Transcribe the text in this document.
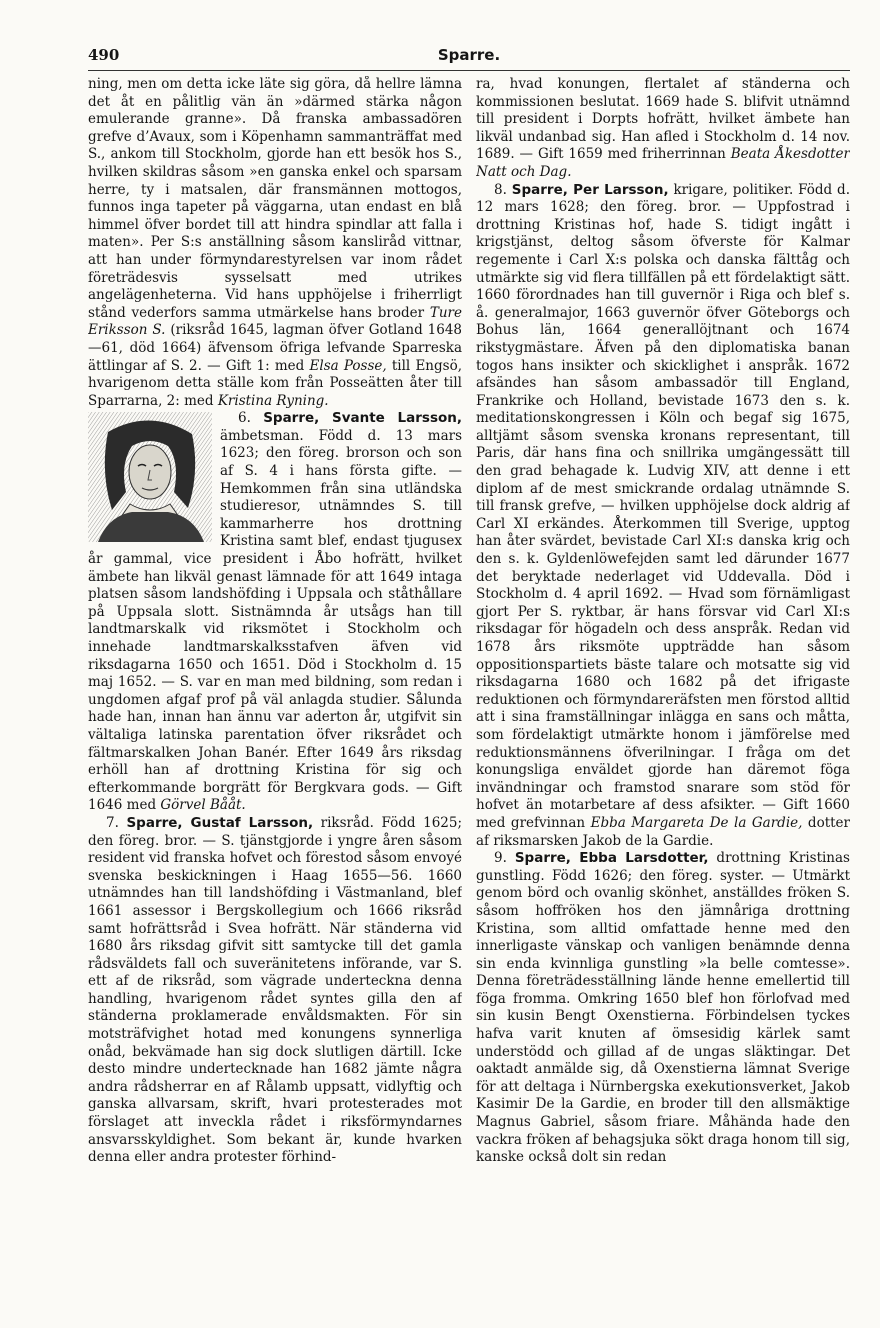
490	Sparre.

ning, men om detta icke läte sig göra, då hellre lämna det åt en pålitlig vän än »därmed stärka någon emulerande granne». Då franska ambassadören grefve d’Avaux, som i Köpenhamn sammanträffat med S., ankom till Stockholm, gjorde han ett besök hos S., hvilken skildras såsom »en ganska enkel och sparsam herre, ty i matsalen, där fransmännen mottogos, funnos inga tapeter på väggarna, utan endast en blå himmel öfver bordet till att hindra spindlar att falla i maten». Per S:s anställning såsom kansliråd vittnar, att han under förmyndarestyrelsen var inom rådet företrädesvis sysselsatt med utrikes angelägenheterna. Vid hans upphöjelse i friherrligt stånd vederfors samma utmärkelse hans broder Ture Eriksson S. (riksråd 1645, lagman öfver Gotland 1648—61, död 1664) äfvensom öfriga lefvande Sparreska ättlingar af S. 2. — Gift 1: med Elsa Posse, till Engsö, hvarigenom detta ställe kom från Posseätten åter till Sparrarna, 2: med Kristina Ryning.

6. Sparre, Svante Larsson,
ämbetsman. Född d. 13 mars 1623; den föreg. brorson och son af S. 4 i hans första gifte. — Hemkommen från sina utländska studieresor, utnämndes S. till kammarherre hos drottning Kristina samt blef, endast tjugusex år gammal, vice president i Åbo hofrätt, hvilket ämbete han likväl genast lämnade för att 1649 intaga platsen såsom landshöfding i Uppsala och ståthållare på Uppsala slott. Sistnämnda år utsågs han till landtmarskalk vid riksmötet i Stockholm och innehade landtmarskalksstafven äfven vid riksdagarna 1650 och 1651. Död i Stockholm d. 15 maj 1652. — S. var en man med bildning, som redan i ungdomen afgaf prof på väl anlagda studier. Sålunda hade han, innan han ännu var aderton år, utgifvit sin vältaliga latinska parentation öfver riksrådet och fältmarskalken Johan Banér. Efter 1649 års riksdag erhöll han af drottning Kristina för sig och efterkommande borgrätt för Bergkvara gods. — Gift 1646 med Görvel Bååt.

7. Sparre, Gustaf Larsson, riksråd. Född 1625; den föreg. bror. — S. tjänstgjorde i yngre åren såsom resident vid franska hofvet och förestod såsom envoyé svenska beskickningen i Haag 1655—56. 1660 utnämndes han till landshöfding i Västmanland, blef 1661 assessor i Bergskollegium och 1666 riksråd samt hofrättsråd i Svea hofrätt. När ständerna vid 1680 års riksdag gifvit sitt samtycke till det gamla rådsväldets fall och suveränitetens införande, var S. ett af de riksråd, som vägrade underteckna denna handling, hvarigenom rådet syntes gilla den af ständerna proklamerade envåldsmakten. För sin motsträfvighet hotad med konungens synnerliga onåd, bekvämade han sig dock slutligen därtill. Icke desto mindre undertecknade han 1682 jämte några andra rådsherrar en af Rålamb uppsatt, vidlyftig och ganska allvarsam, skrift, hvari protesterades mot förslaget att inveckla rådet i riksförmyndarnes ansvarsskyldighet. Som bekant är, kunde hvarken denna eller andra protester förhind-

ra, hvad konungen, flertalet af ständerna och kommissionen beslutat. 1669 hade S. blifvit utnämnd till president i Dorpts hofrätt, hvilket ämbete han likväl undanbad sig. Han afled i Stockholm d. 14 nov. 1689. — Gift 1659 med friherrinnan Beata Åkesdotter Natt och Dag.

8. Sparre, Per Larsson, krigare, politiker. Född d. 12 mars 1628; den föreg. bror. — Uppfostrad i drottning Kristinas hof, hade S. tidigt ingått i krigstjänst, deltog såsom öfverste för Kalmar regemente i Carl X:s polska och danska fälttåg och utmärkte sig vid flera tillfällen på ett fördelaktigt sätt. 1660 förordnades han till guvernör i Riga och blef s. å. generalmajor, 1663 guvernör öfver Göteborgs och Bohus län, 1664 generallöjtnant och 1674 rikstygmästare. Äfven på den diplomatiska banan togos hans insikter och skicklighet i anspråk. 1672 afsändes han såsom ambassadör till England, Frankrike och Holland, bevistade 1673 den s. k. meditationskongressen i Köln och begaf sig 1675, alltjämt såsom svenska kronans representant, till Paris, där hans fina och snillrika umgängessätt till den grad behagade k. Ludvig XIV, att denne i ett diplom af de mest smickrande ordalag utnämnde S. till fransk grefve, — hvilken upphöjelse dock aldrig af Carl XI erkändes. Återkommen till Sverige, upptog han åter svärdet, bevistade Carl XI:s danska krig och den s. k. Gyldenlöwefejden samt led därunder 1677 det beryktade nederlaget vid Uddevalla. Död i Stockholm d. 4 april 1692. — Hvad som förnämligast gjort Per S. ryktbar, är hans försvar vid Carl XI:s riksdagar för högadeln och dess anspråk. Redan vid 1678 års riksmöte uppträdde han såsom oppositionspartiets bäste talare och motsatte sig vid riksdagarna 1680 och 1682 på det ifrigaste reduktionen och förmyndareräfsten men förstod alltid att i sina framställningar inlägga en sans och måtta, som fördelaktigt utmärkte honom i jämförelse med reduktionsmännens öfverilningar. I fråga om det konungsliga enväldet gjorde han däremot föga invändningar och framstod snarare som stöd för hofvet än motarbetare af dess afsikter. — Gift 1660 med grefvinnan Ebba Margareta De la Gardie, dotter af riksmarsken Jakob de la Gardie.

9. Sparre, Ebba Larsdotter, drottning Kristinas gunstling. Född 1626; den föreg. syster. — Utmärkt genom börd och ovanlig skönhet, anställdes fröken S. såsom hoffröken hos den jämnåriga drottning Kristina, som alltid omfattade henne med den innerligaste vänskap och vanligen benämnde denna sin enda kvinnliga gunstling »la belle comtesse». Denna företrädesställning lände henne emellertid till föga fromma. Omkring 1650 blef hon förlofvad med sin kusin Bengt Oxenstierna. Förbindelsen tyckes hafva varit knuten af ömsesidig kärlek samt understödd och gillad af de ungas släktingar. Det oaktadt anmälde sig, då Oxenstierna lämnat Sverige för att deltaga i Nürnbergska exekutionsverket, Jakob Kasimir De la Gardie, en broder till den allsmäktige Magnus Gabriel, såsom friare. Måhända hade den vackra fröken af behagsjuka sökt draga honom till sig, kanske också dolt sin redan
